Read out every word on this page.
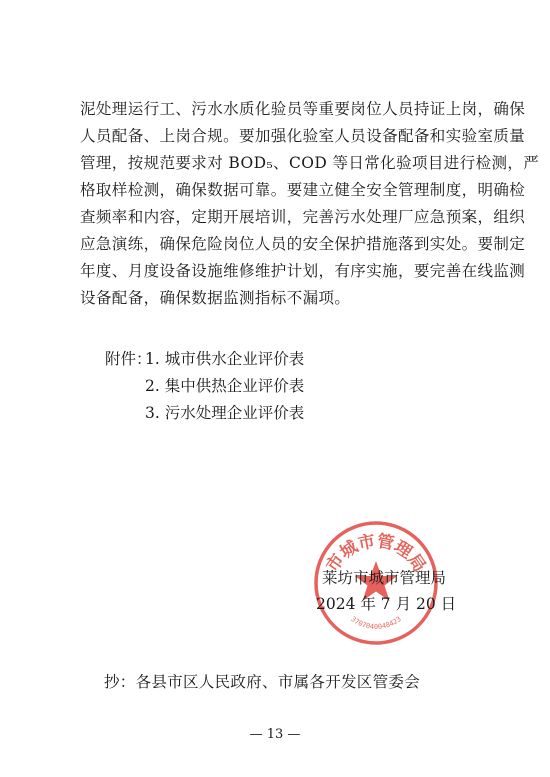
泥处理运行工、污水水质化验员等重要岗位人员持证上岗，确保
人员配备、上岗合规。要加强化验室人员设备配备和实验室质量
管理，按规范要求对 BOD₅、COD 等日常化验项目进行检测，严
格取样检测，确保数据可靠。要建立健全安全管理制度，明确检
查频率和内容，定期开展培训，完善污水处理厂应急预案，组织
应急演练，确保危险岗位人员的安全保护措施落到实处。要制定
年度、月度设备设施维修维护计划，有序实施，要完善在线监测
设备配备，确保数据监测指标不漏项。
附件：
1. 城市供水企业评价表
2. 集中供热企业评价表
3. 污水处理企业评价表
市城市管理局
3707040048423
莱坊市城市管理局
2024 年 7 月 20 日
抄：各县市区人民政府、市属各开发区管委会
— 13 —
